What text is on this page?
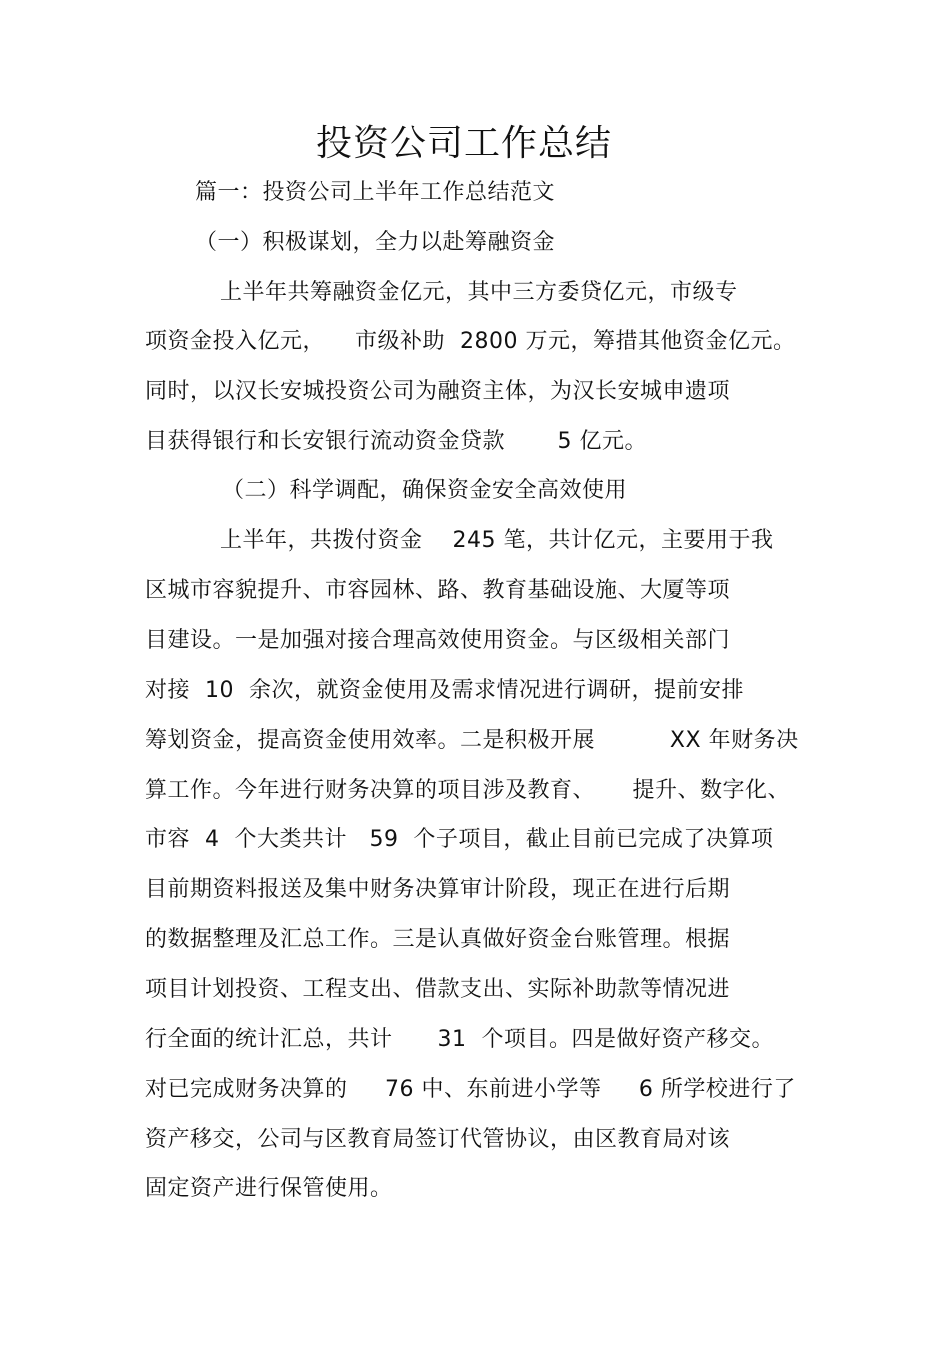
投资公司工作总结
篇一：投资公司上半年工作总结范文
（一）积极谋划，全力以赴筹融资金
上半年共筹融资金亿元，其中三方委贷亿元，市级专
项资金投入亿元，    市级补助  2800 万元，筹措其他资金亿元。
同时，以汉长安城投资公司为融资主体，为汉长安城申遗项
目获得银行和长安银行流动资金贷款       5 亿元。
（二）科学调配，确保资金安全高效使用
上半年，共拨付资金    245 笔，共计亿元，主要用于我
区城市容貌提升、市容园林、路、教育基础设施、大厦等项
目建设。一是加强对接合理高效使用资金。与区级相关部门
对接  10  余次，就资金使用及需求情况进行调研，提前安排
筹划资金，提高资金使用效率。二是积极开展          XX 年财务决
算工作。今年进行财务决算的项目涉及教育、     提升、数字化、
市容  4  个大类共计   59  个子项目，截止目前已完成了决算项
目前期资料报送及集中财务决算审计阶段，现正在进行后期
的数据整理及汇总工作。三是认真做好资金台账管理。根据
项目计划投资、工程支出、借款支出、实际补助款等情况进
行全面的统计汇总，共计      31  个项目。四是做好资产移交。
对已完成财务决算的     76 中、东前进小学等     6 所学校进行了
资产移交，公司与区教育局签订代管协议，由区教育局对该
固定资产进行保管使用。
